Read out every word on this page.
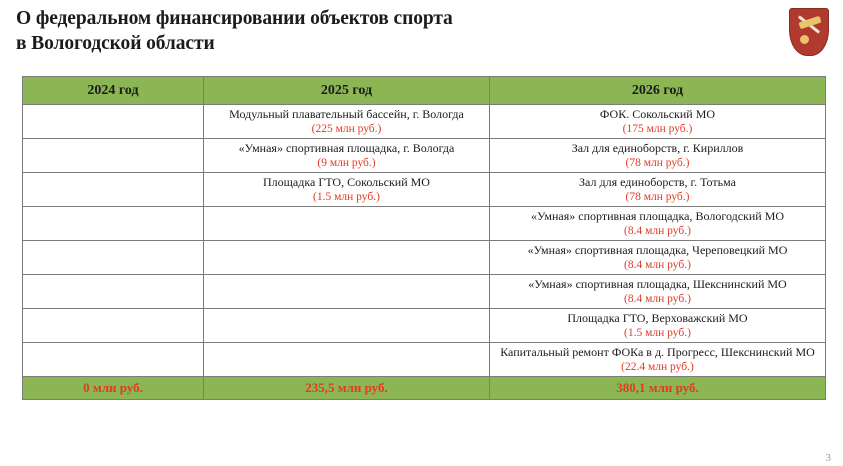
О федеральном финансировании объектов спорта
в Вологодской области
2024 год	2025 год	2026 год

	Модульный плавательный бассейн, г. Вологда
(225 млн руб.)	ФОК. Сокольский МО
(175 млн руб.)

	«Умная» спортивная площадка, г. Вологда
(9 млн руб.)	Зал для единоборств, г. Кириллов
(78 млн руб.)

	Площадка ГТО, Сокольский МО
(1.5 млн руб.)	Зал для единоборств, г. Тотьма
(78 млн руб.)

		«Умная» спортивная площадка, Вологодский МО
(8.4 млн руб.)

		«Умная» спортивная площадка, Череповецкий МО
(8.4 млн руб.)

		«Умная» спортивная площадка, Шекснинский МО
(8.4 млн руб.)

		Площадка ГТО, Верховажский МО
(1.5 млн руб.)

		Капитальный ремонт ФОКа в д. Прогресс, Шекснинский МО
(22.4 млн руб.)

0 млн руб.	235,5 млн руб.	380,1 млн руб.
3
